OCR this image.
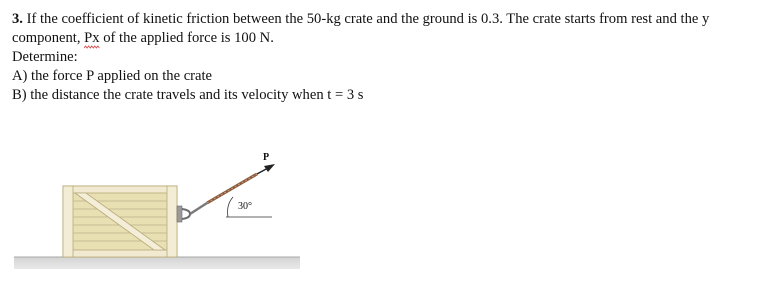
3. If the coefficient of kinetic friction between the 50-kg crate and the ground is 0.3. The crate starts from rest and the y

component, Px
of the applied force is 100 N.

Determine:

A) the force P applied on the crate

B) the distance the crate travels and its velocity when t = 3 s

P
30°
